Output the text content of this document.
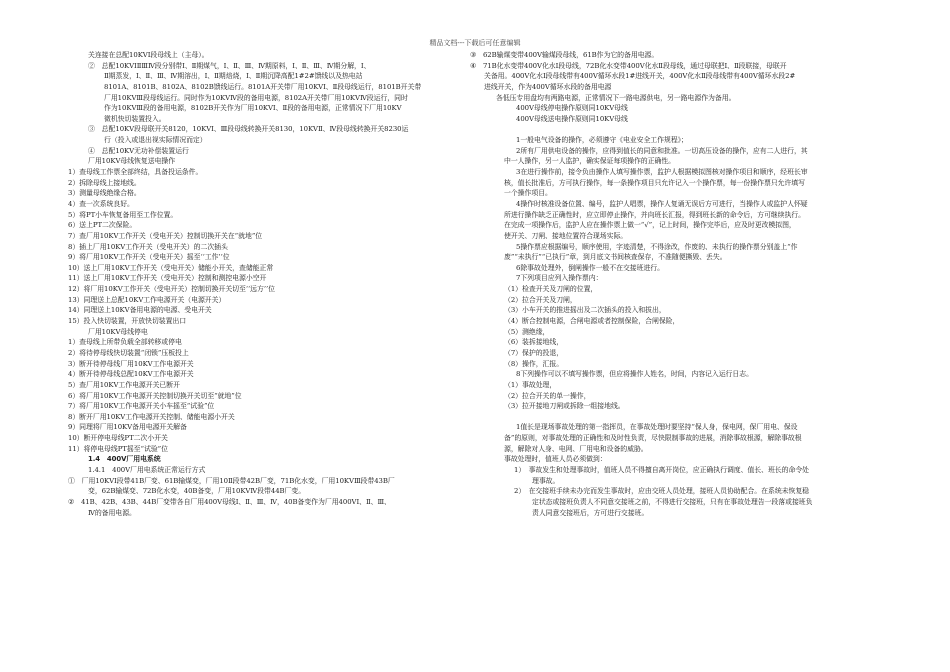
精品文档---下载后可任意编辑
关连接在总配10KVⅠ段母线上（主母）。
②　总配10KVⅠⅡⅢⅣ段分别带Ⅰ、Ⅱ期煤气，Ⅰ、Ⅱ、Ⅲ、Ⅳ期原料，Ⅰ、Ⅱ、Ⅲ、Ⅳ期分解，Ⅰ、
Ⅱ期蒸发，Ⅰ、Ⅱ、Ⅲ、Ⅳ期溶出，Ⅰ、Ⅱ期焙烧，Ⅰ、Ⅱ期沉降高配1#2#馈线以及热电站
8101A、8101B、8102A、8102B馈线运行。8101A开关带厂用10KVⅠ、Ⅱ段母线运行，8101B开关带
厂用10KVⅢ段母线运行。同时作为10KVⅣ段的备用电源，8102A开关带厂用10KVⅣ段运行，同时
作为10KVⅢ段的备用电源，8102B开关作为厂用10KVⅠ、Ⅱ段的备用电源，正常情况下厂用10KV
微机快切装置投入。
③　总配10KV段母联开关8120，10KVⅠ、Ⅲ段母线转换开关8130，10KVⅡ、Ⅳ段母线转换开关8230运
行（投入或退出视实际情况而定）
④　总配10KV无功补偿装置运行
厂用10KV母线恢复送电操作
1）查母线工作票全部终结，具备投运条件。
2）拆除母线上接地线。
3）测量母线绝缘合格。
4）查一次系统良好。
5）将PT小车恢复备用至工作位置。
6）送上PT二次保险。
7）查厂用10KV工作开关（受电开关）控制切换开关在“就地”位
8）插上厂用10KV工作开关（受电开关）的二次插头
9）将厂用10KV工作开关（受电开关）摇至‘‘工作’’位
10）送上厂用10KV工作开关（受电开关）储能小开关，查储能正常
11）送上厂用10KV工作开关（受电开关）控制和测控电源小空开
12）将厂用10KV工作开关（受电开关）控制切换开关切至‘‘远方’’位
13）同理送上总配10KV工作电源开关（电源开关）
14）同理送上10KV备用电源的电源、受电开关
15）投入快切装置，开放快切装置出口
厂用10KV母线停电
1）查母线上所带负载全部转移或停电
2）将待停母线快切装置“闭锁”压板投上
3）断开待停母线厂用10KV工作电源开关
4）断开待停母线总配10KV工作电源开关
5）查厂用10KV工作电源开关已断开
6）将厂用10KV工作电源开关控制切换开关切至“就地”位
7）将厂用10KV工作电源开关小车摇至“试验”位
8）断开厂用10KV工作电源开关控制、储能电源小开关
9）同理将厂用10KV备用电源开关解备
10）断开停电母线PT二次小开关
11）将停电母线PT摇至“试验”位
1.4　400V厂用电系统
1.4.1　400V厂用电系统正常运行方式
①　厂用10KVⅠ段带41B厂变、61B输煤变，厂用10Ⅱ段带42B厂变，71B化水变，厂用10KVⅢ段带43B厂
变，62B输煤变、72B化水变，40B备变，厂用10KVⅣ段带44B厂变。
②　41B、42B、43B、44B厂变带各自厂用400V母线Ⅰ、Ⅱ、Ⅲ、Ⅳ，40B备变作为厂用400VⅠ、Ⅱ、Ⅲ、
Ⅳ的备用电源。
③　62B输煤变带400V输煤段母线，61B作为它的备用电源。
④　71B化水变带400V化水Ⅰ段母线，72B化水变带400V化水Ⅱ段母线，通过母联把Ⅰ、Ⅱ段联接，母联开
关备用。400V化水Ⅰ段母线带有400V循环水段1#进线开关，400V化水Ⅱ段母线带有400V循环水段2#
进线开关，作为400V循环水段的备用电源
各低压专用盘均有两路电源，正常情况下一路电源供电，另一路电源作为备用。
400V母线停电操作原则同10KV母线
400V母线送电操作原则同10KV母线
1一般电气设备的操作，必须遵守《电业安全工作规程》；
2所有厂用供电设备的操作，应得到值长的同意和批准。一切高压设备的操作，应有二人进行，其
中一人操作，另一人监护，确实保证每项操作的正确性。
3在进行操作前，接令负由操作人填写操作票，监护人根据模拟图核对操作项目和顺序，经班长审
核，值长批准后，方可执行操作，每一条操作项目只允许记入一个操作票，每一份操作票只允许填写
一个操作项目。
4操作时核准设备位置、编号，监护人唱票，操作人复诵无误后方可进行，当操作人或监护人怀疑
所进行操作缺乏正确性时，应立即停止操作，并向班长汇报，得到班长新的命令后，方可继续执行。
在完成一项操作后，监护人应在操作票上做一“√”，记上时间，操作完毕后，应及时更改模拟图，
使开关、刀闸、接地位置符合现场实际。
5操作票应根据编号，顺序使用，字迹清楚，不得涂改，作废的、未执行的操作票分别盖上“作
废”“未执行”“已执行”章，到月底文书间核查保存，不准随便撕毁、丢失。
6除事故处理外，倒闸操作一般不在交接班进行。
7下列项目应列入操作票内：
（1）检查开关及刀闸的位置，
（2）拉合开关及刀闸，
（3）小车开关的推进摇出及二次插头的投入和拔出，
（4）断合控制电源，合闸电源或者控制保险，合闸保险，
（5）测绝缘，
（6）装拆接地线，
（7）保护的投退，
（8）操作，汇报。
8下列操作可以不填写操作票，但应将操作人姓名，时间，内容记入运行日志。
（1）事故处理，
（2）拉合开关的单一操作，
（3）拉开接地刀闸或拆除一组接地线。
1值长是现场事故处理的第一指挥员，在事故处理时要坚持“保人身，保电网，保厂用电、保设
备”的原则，对事故处理的正确性和及时性负责，尽快限制事故的进展，消除事故根源，解除事故根
源，解除对人身、电网、厂用电和设备的威胁。
事故处理时，值班人员必须做到：
1）　事故发生和处理事故时，值班人员不得擅自离开岗位，应正确执行调度、值长、班长的命令处
理事故。
2）　在交接班手续未办完而发生事故时，应由交班人员处理，接班人员协助配合。在系统未恢复稳
定状态或接班负责人不同意交接班之前，不得进行交接班，只有在事故处理告一段落或接班负
责人同意交接班后，方可进行交接班。
